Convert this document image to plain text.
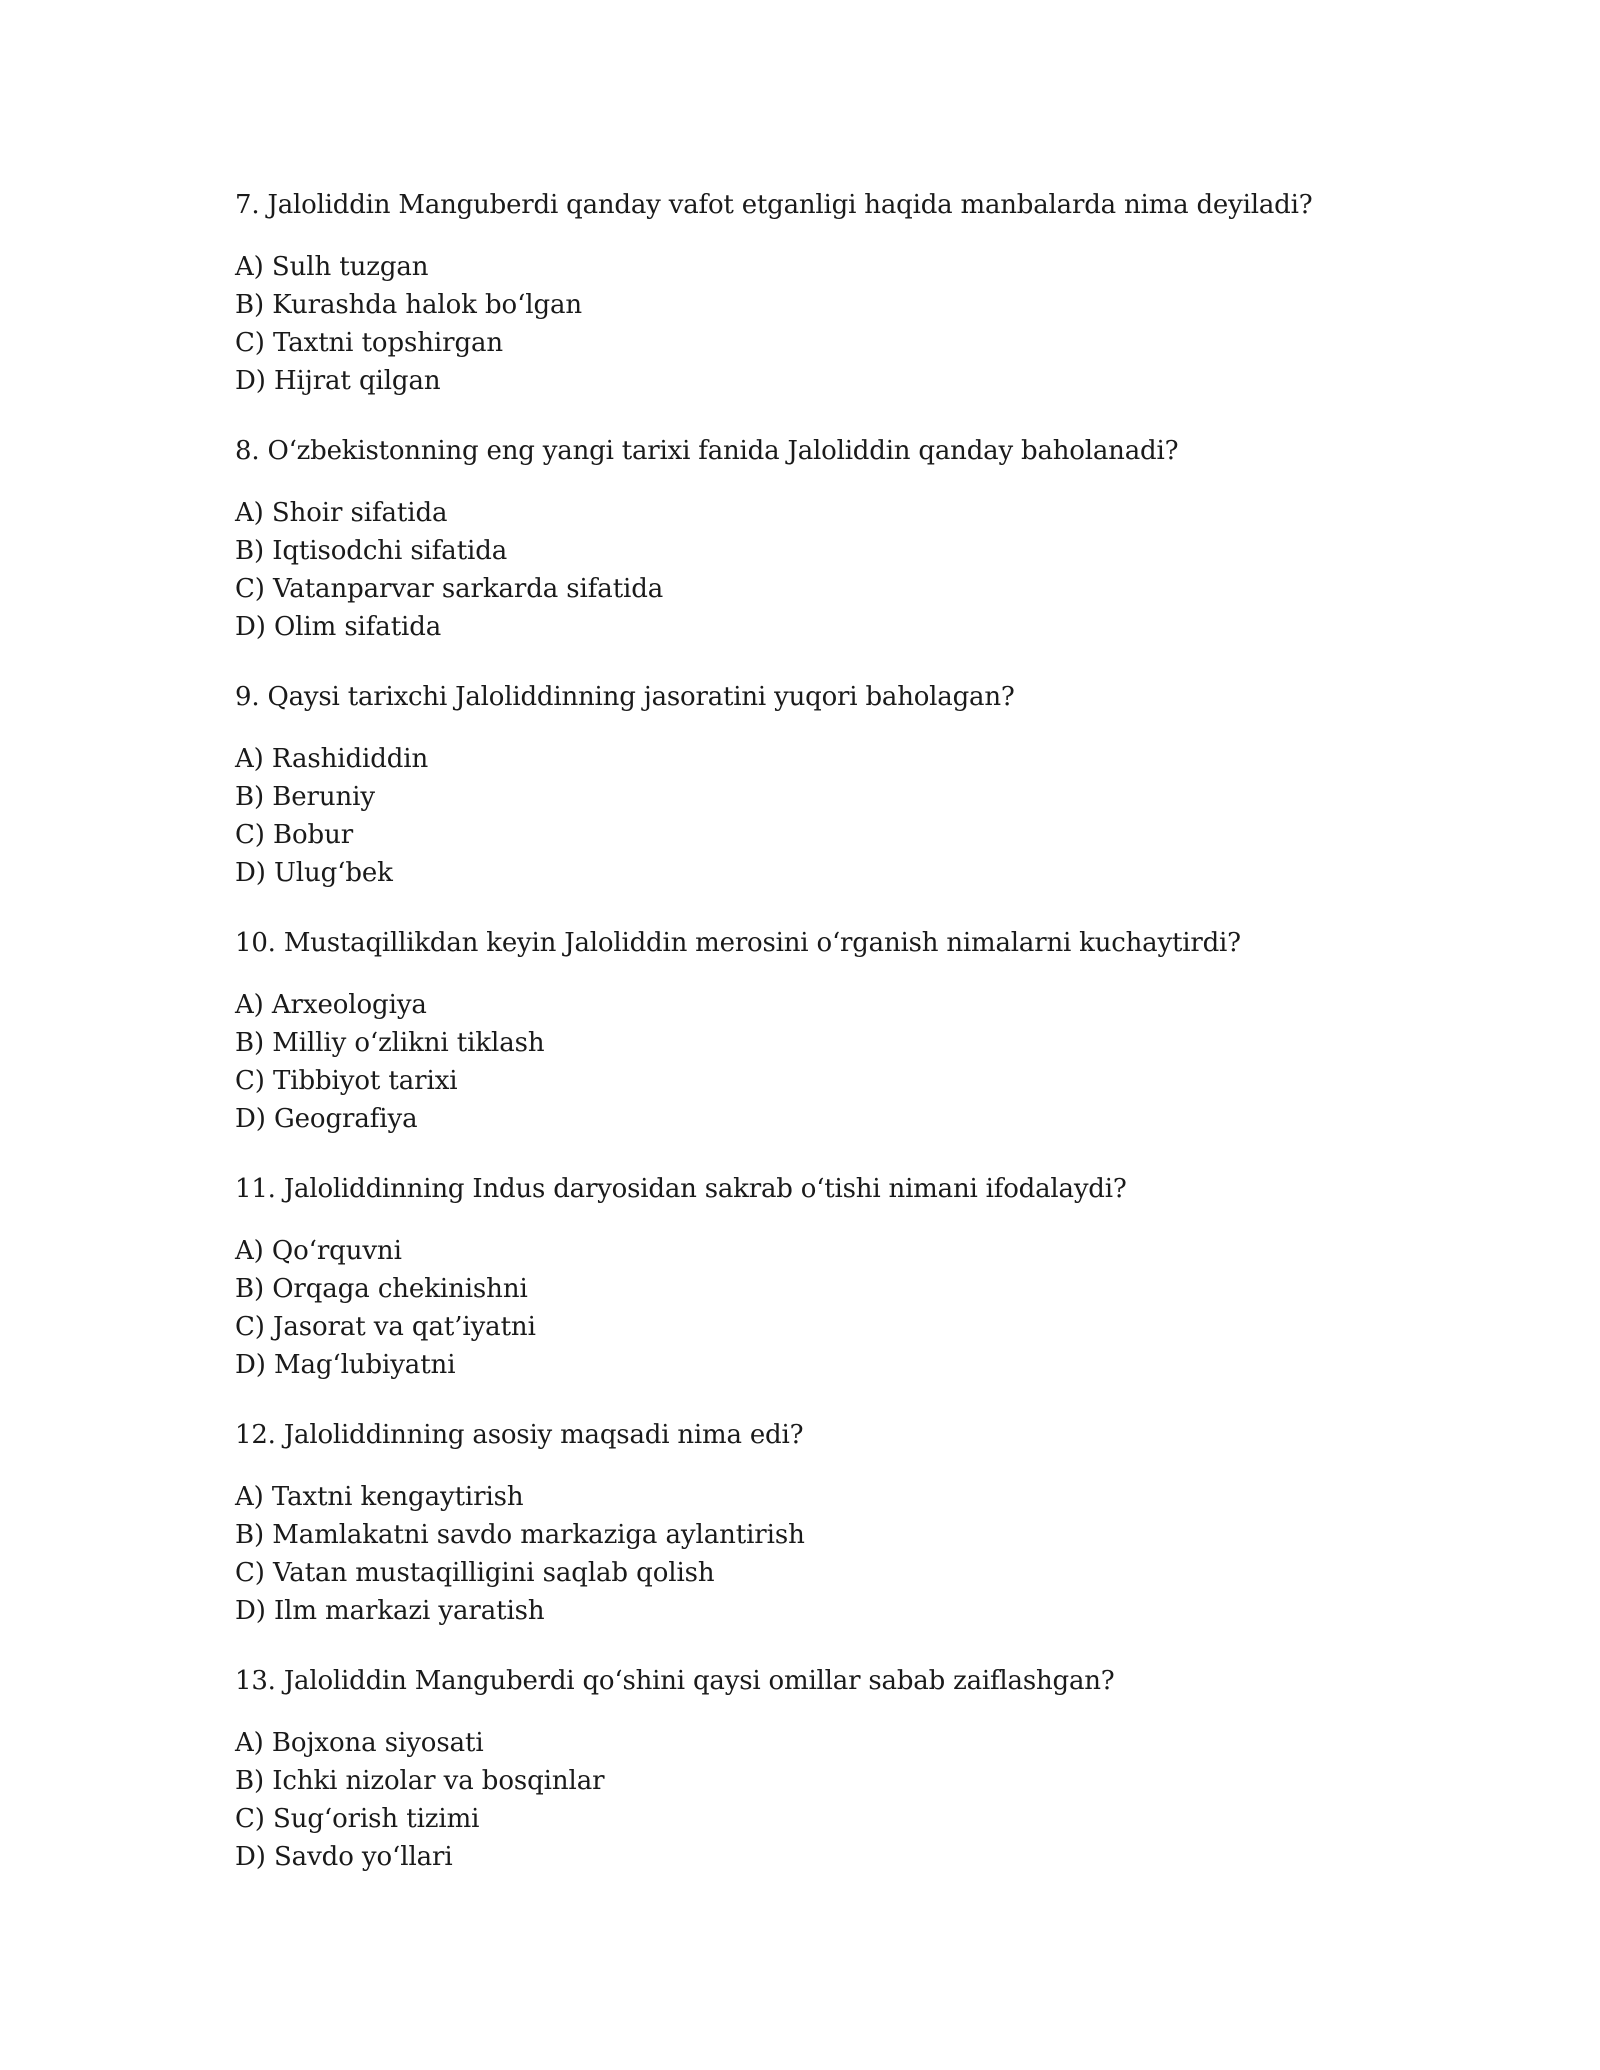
7. Jaloliddin Manguberdi qanday vafot etganligi haqida manbalarda nima deyiladi?

A) Sulh tuzgan
B) Kurashda halok bo‘lgan
C) Taxtni topshirgan
D) Hijrat qilgan

8. O‘zbekistonning eng yangi tarixi fanida Jaloliddin qanday baholanadi?

A) Shoir sifatida
B) Iqtisodchi sifatida
C) Vatanparvar sarkarda sifatida
D) Olim sifatida

9. Qaysi tarixchi Jaloliddinning jasoratini yuqori baholagan?

A) Rashididdin
B) Beruniy
C) Bobur
D) Ulug‘bek

10. Mustaqillikdan keyin Jaloliddin merosini o‘rganish nimalarni kuchaytirdi?

A) Arxeologiya
B) Milliy o‘zlikni tiklash
C) Tibbiyot tarixi
D) Geografiya

11. Jaloliddinning Indus daryosidan sakrab o‘tishi nimani ifodalaydi?

A) Qo‘rquvni
B) Orqaga chekinishni
C) Jasorat va qat’iyatni
D) Mag‘lubiyatni

12. Jaloliddinning asosiy maqsadi nima edi?

A) Taxtni kengaytirish
B) Mamlakatni savdo markaziga aylantirish
C) Vatan mustaqilligini saqlab qolish
D) Ilm markazi yaratish

13. Jaloliddin Manguberdi qo‘shini qaysi omillar sabab zaiflashgan?

A) Bojxona siyosati
B) Ichki nizolar va bosqinlar
C) Sug‘orish tizimi
D) Savdo yo‘llari
